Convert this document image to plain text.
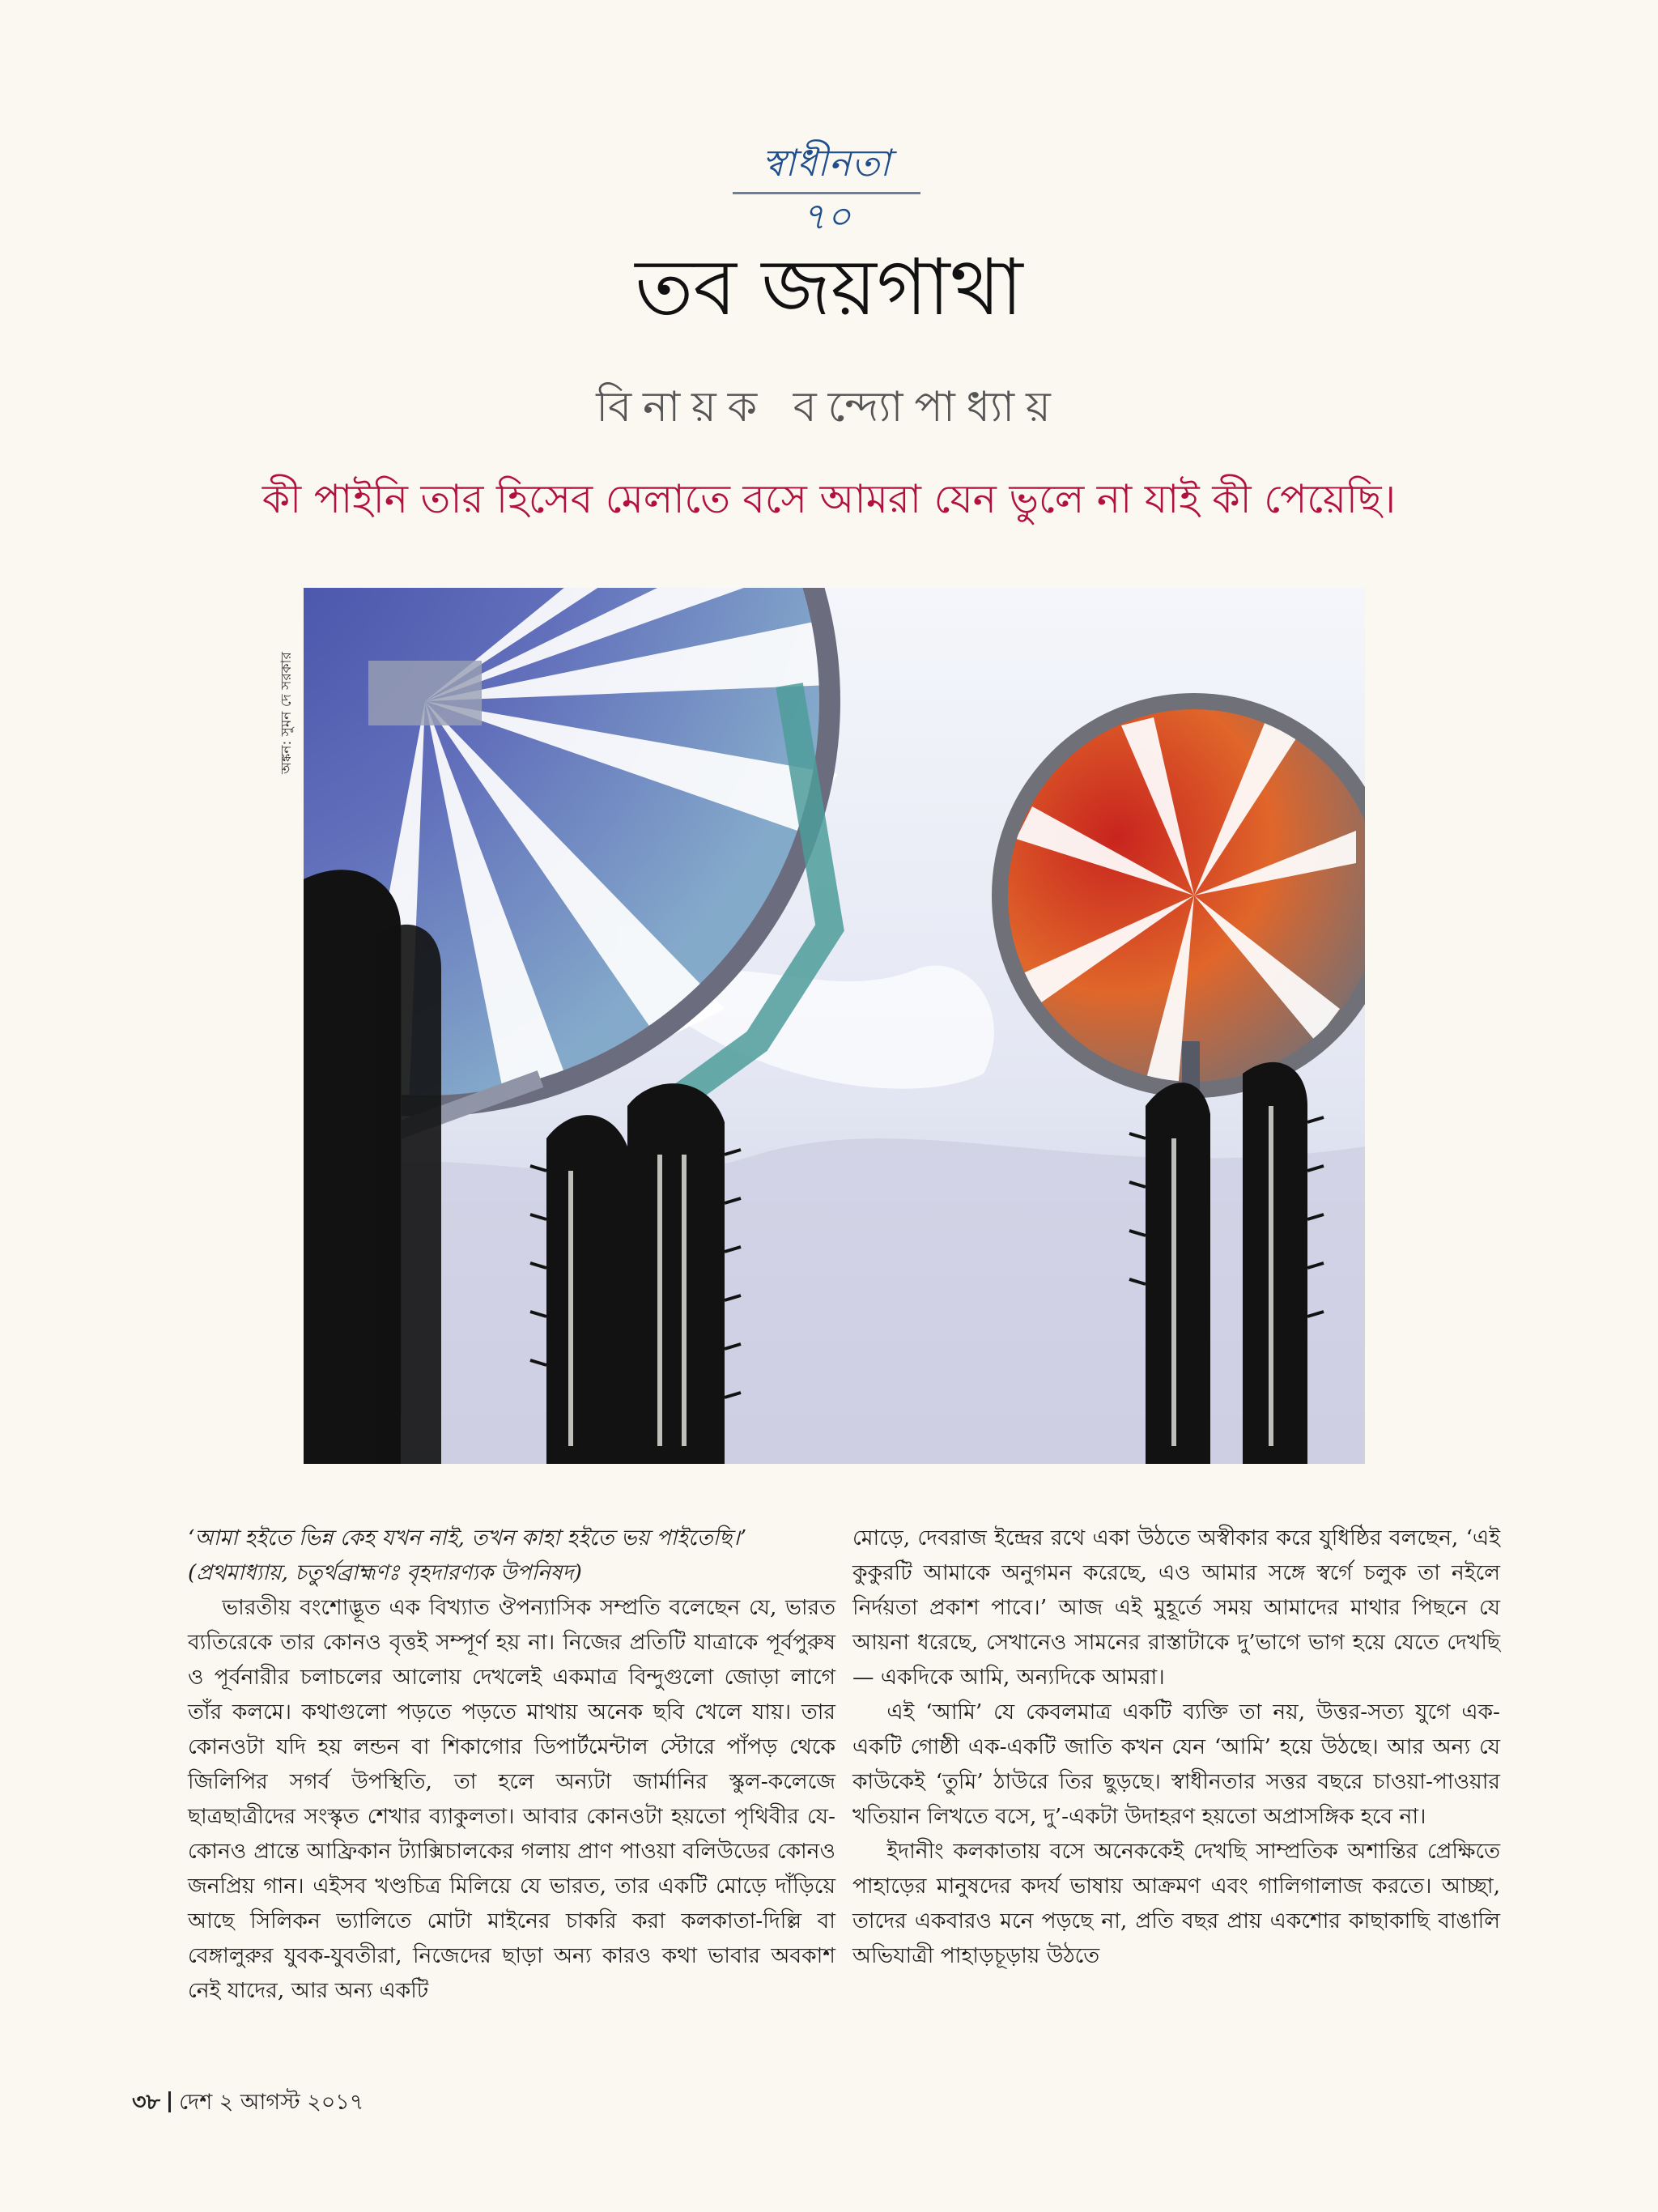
স্বাধীনতা ৭০
তব জয়গাথা
বিনায়ক বন্দ্যোপাধ্যায়
কী পাইনি তার হিসেব মেলাতে বসে আমরা যেন ভুলে না যাই কী পেয়েছি।
অঙ্কন: সুমন দে সরকার

‘আমা হইতে ভিন্ন কেহ যখন নাই, তখন কাহা হইতে ভয় পাইতেছি।’

(প্রথমাধ্যায়, চতুর্থব্রাহ্মণঃ বৃহদারণ্যক উপনিষদ)

ভারতীয় বংশোদ্ভূত এক বিখ্যাত ঔপন্যাসিক সম্প্রতি বলেছেন যে, ভারত ব্যতিরেকে তার কোনও বৃত্তই সম্পূর্ণ হয় না। নিজের প্রতিটি যাত্রাকে পূর্বপুরুষ ও পূর্বনারীর চলাচলের আলোয় দেখলেই একমাত্র বিন্দুগুলো জোড়া লাগে তাঁর কলমে। কথাগুলো পড়তে পড়তে মাথায় অনেক ছবি খেলে যায়। তার কোনওটা যদি হয় লন্ডন বা শিকাগোর ডিপার্টমেন্টাল স্টোরে পাঁপড় থেকে জিলিপির সগর্ব উপস্থিতি, তা হলে অন্যটা জার্মানির স্কুল-কলেজে ছাত্রছাত্রীদের সংস্কৃত শেখার ব্যাকুলতা। আবার কোনওটা হয়তো পৃথিবীর যে-কোনও প্রান্তে আফ্রিকান ট্যাক্সিচালকের গলায় প্রাণ পাওয়া বলিউডের কোনও জনপ্রিয় গান। এইসব খণ্ডচিত্র মিলিয়ে যে ভারত, তার একটি মোড়ে দাঁড়িয়ে আছে সিলিকন ভ্যালিতে মোটা মাইনের চাকরি করা কলকাতা-দিল্লি বা বেঙ্গালুরুর যুবক-যুবতীরা, নিজেদের ছাড়া অন্য কারও কথা ভাবার অবকাশ নেই যাদের, আর অন্য একটি

মোড়ে, দেবরাজ ইন্দ্রের রথে একা উঠতে অস্বীকার করে যুধিষ্ঠির বলছেন, ‘এই কুকুরটি আমাকে অনুগমন করেছে, এও আমার সঙ্গে স্বর্গে চলুক তা নইলে নির্দয়তা প্রকাশ পাবে।’ আজ এই মুহূর্তে সময় আমাদের মাথার পিছনে যে আয়না ধরেছে, সেখানেও সামনের রাস্তাটাকে দু’ভাগে ভাগ হয়ে যেতে দেখছি— একদিকে আমি, অন্যদিকে আমরা।

এই ‘আমি’ যে কেবলমাত্র একটি ব্যক্তি তা নয়, উত্তর-সত্য যুগে এক-একটি গোষ্ঠী এক-একটি জাতি কখন যেন ‘আমি’ হয়ে উঠছে। আর অন্য যে কাউকেই ‘তুমি’ ঠাউরে তির ছুড়ছে। স্বাধীনতার সত্তর বছরে চাওয়া-পাওয়ার খতিয়ান লিখতে বসে, দু’-একটা উদাহরণ হয়তো অপ্রাসঙ্গিক হবে না।

ইদানীং কলকাতায় বসে অনেককেই দেখছি সাম্প্রতিক অশান্তির প্রেক্ষিতে পাহাড়ের মানুষদের কদর্য ভাষায় আক্রমণ এবং গালিগালাজ করতে। আচ্ছা, তাদের একবারও মনে পড়ছে না, প্রতি বছর প্রায় একশোর কাছাকাছি বাঙালি অভিযাত্রী পাহাড়চূড়ায় উঠতে

৩৮ দেশ ২ আগস্ট ২০১৭
